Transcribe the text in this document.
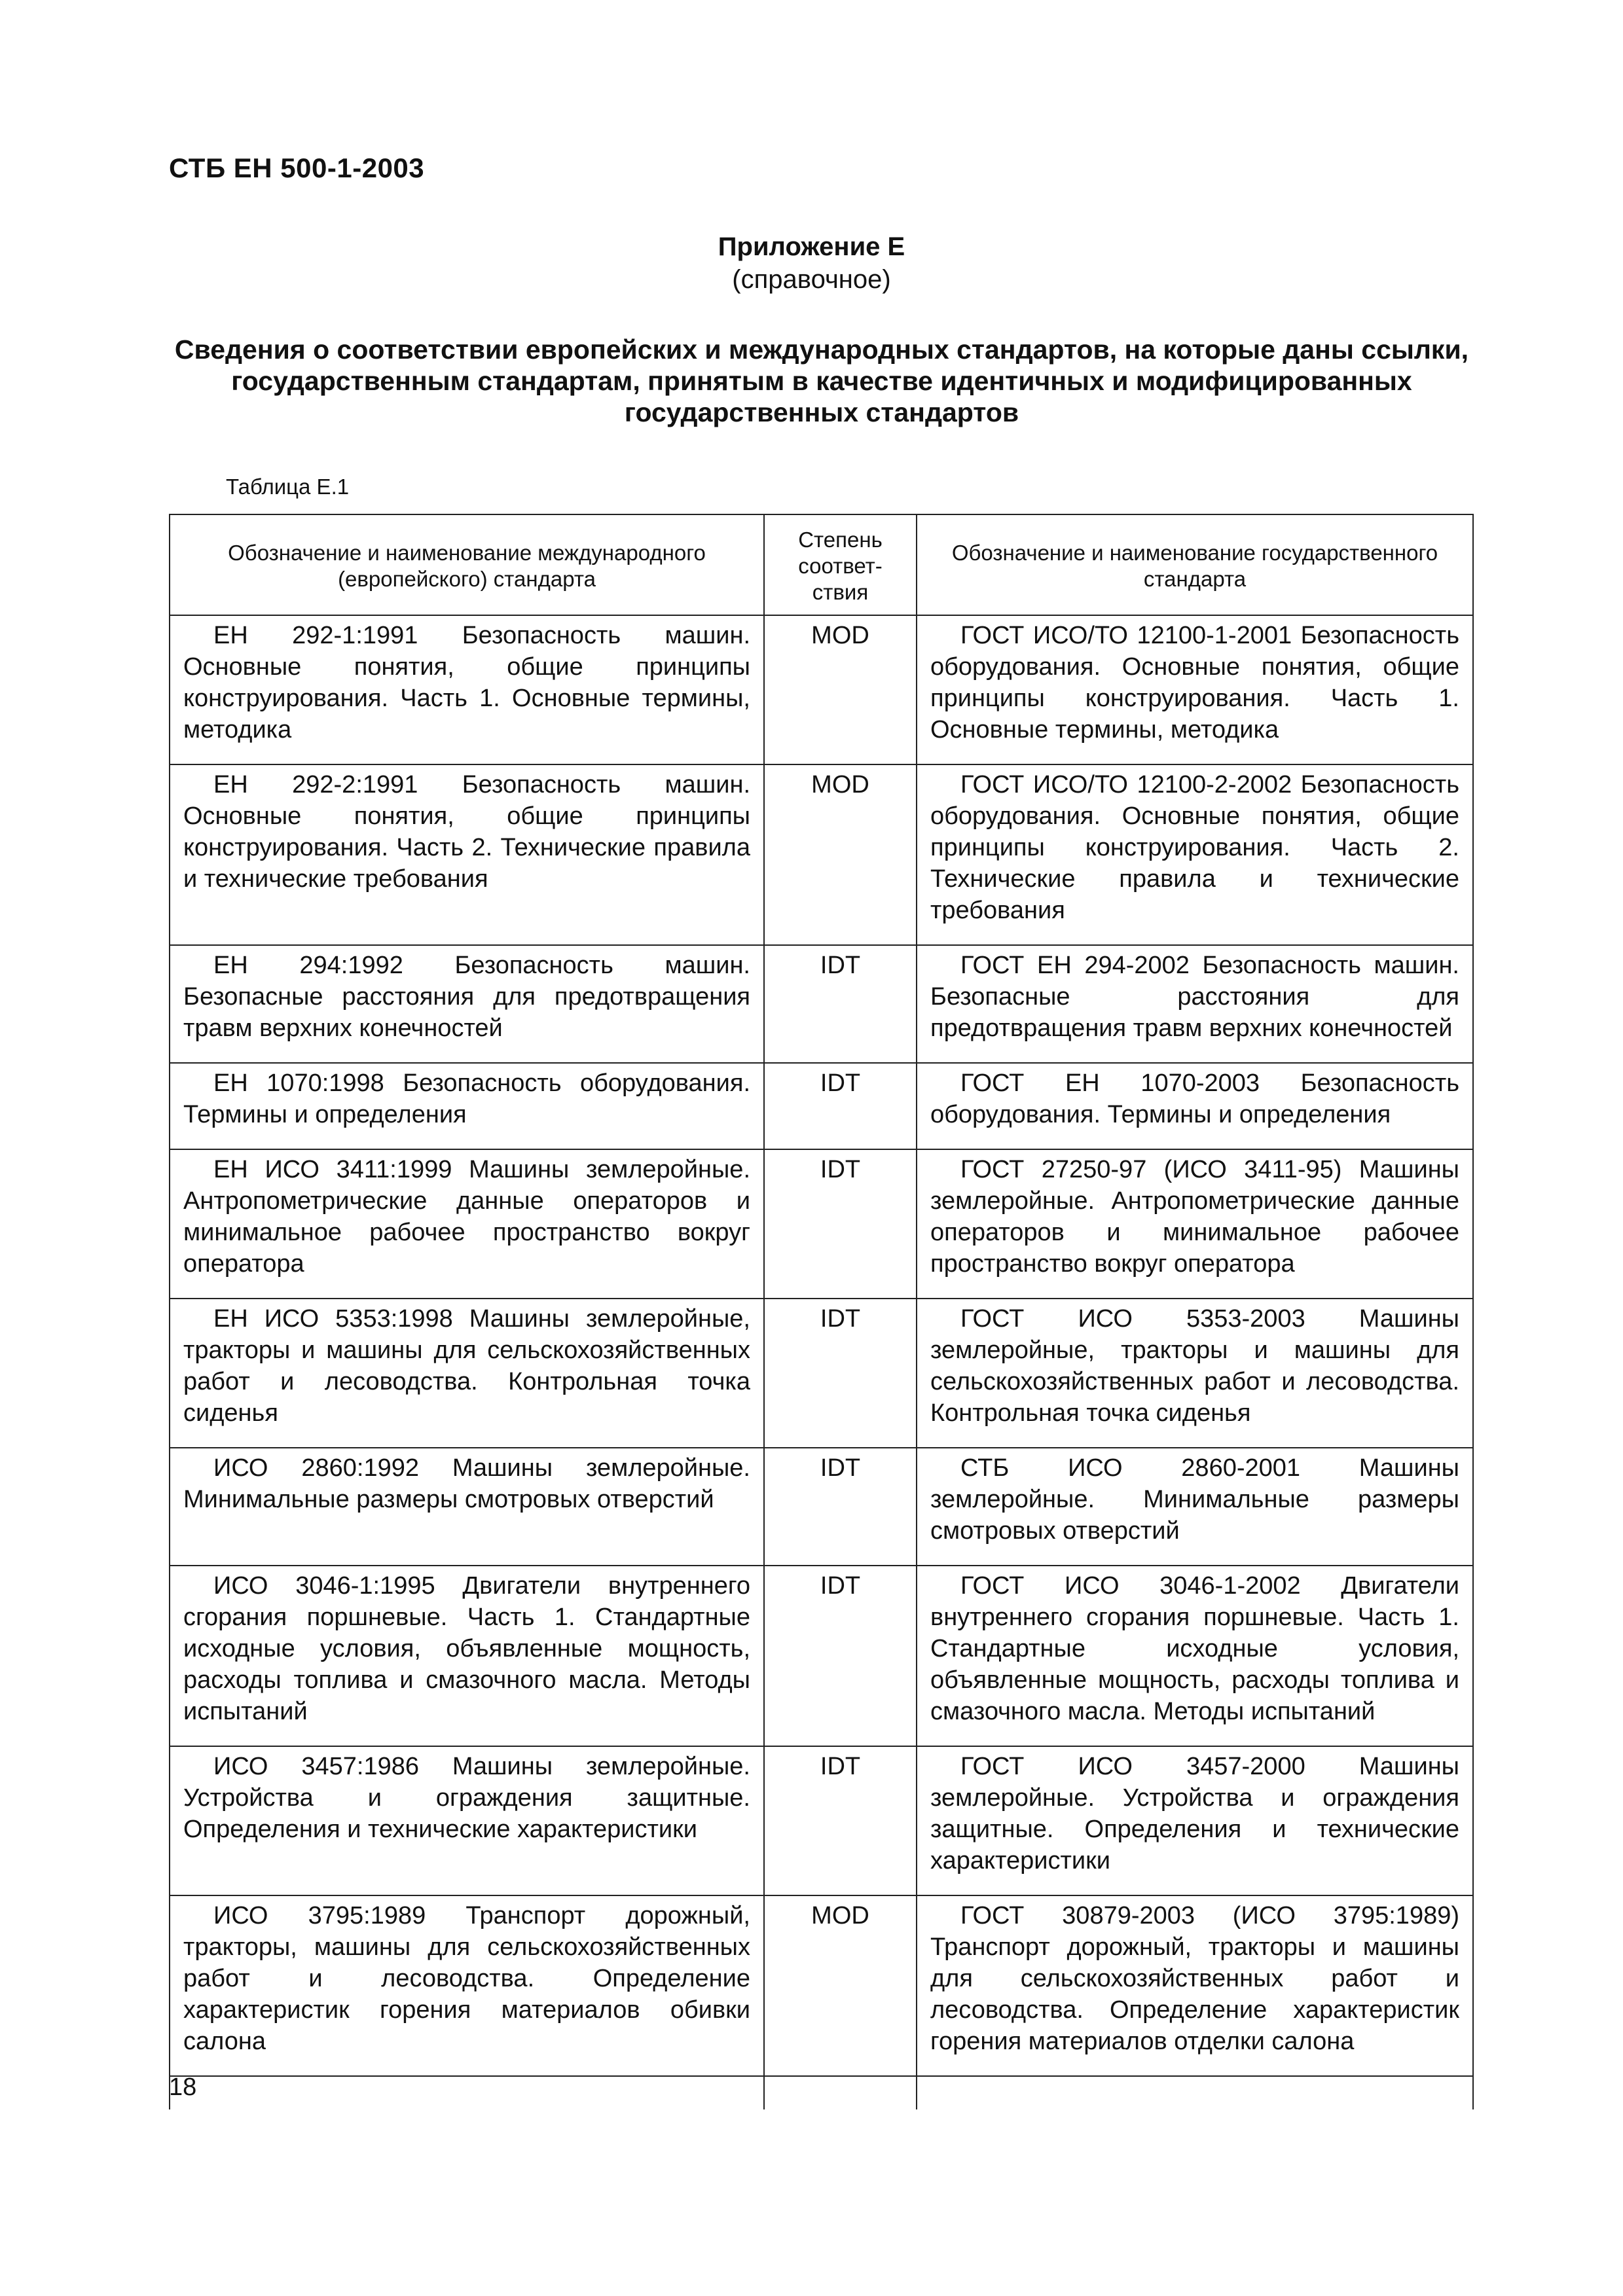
СТБ ЕН 500-1-2003
Приложение Е
(справочное)
Сведения о соответствии европейских и международных стандартов, на которые даны ссылки, государственным стандартам, принятым в качестве идентичных и модифицированных государственных стандартов
Таблица Е.1
Обозначение и наименование международного (европейского) стандарта	Степень соответ-ствия	Обозначение и наименование государственного стандарта
ЕН 292-1:1991 Безопасность машин. Основные понятия, общие принципы конструирования. Часть 1. Основные термины, методика	MOD	ГОСТ ИСО/ТО 12100-1-2001 Безопасность оборудования. Основные понятия, общие принципы конструирования. Часть 1. Основные термины, методика
ЕН 292-2:1991 Безопасность машин. Основные понятия, общие принципы конструирования. Часть 2. Технические правила и технические требования	MOD	ГОСТ ИСО/ТО 12100-2-2002 Безопасность оборудования. Основные понятия, общие принципы конструирования. Часть 2. Технические правила и технические требования
ЕН 294:1992 Безопасность машин. Безопасные расстояния для предотвращения травм верхних конечностей	IDT	ГОСТ ЕН 294-2002 Безопасность машин. Безопасные расстояния для предотвращения травм верхних конечностей
ЕН 1070:1998 Безопасность оборудования. Термины и определения	IDT	ГОСТ ЕН 1070-2003 Безопасность оборудования. Термины и определения
ЕН ИСО 3411:1999 Машины землеройные. Антропометрические данные операторов и минимальное рабочее пространство вокруг оператора	IDT	ГОСТ 27250-97 (ИСО 3411-95) Машины землеройные. Антропометрические данные операторов и минимальное рабочее пространство вокруг оператора
ЕН ИСО 5353:1998 Машины землеройные, тракторы и машины для сельскохозяйственных работ и лесоводства. Контрольная точка сиденья	IDT	ГОСТ ИСО 5353-2003 Машины землеройные, тракторы и машины для сельскохозяйственных работ и лесоводства. Контрольная точка сиденья
ИСО 2860:1992 Машины землеройные. Минимальные размеры смотровых отверстий	IDT	СТБ ИСО 2860-2001 Машины землеройные. Минимальные размеры смотровых отверстий
ИСО 3046-1:1995 Двигатели внутреннего сгорания поршневые. Часть 1. Стандартные исходные условия, объявленные мощность, расходы топлива и смазочного масла. Методы испытаний	IDT	ГОСТ ИСО 3046-1-2002 Двигатели внутреннего сгорания поршневые. Часть 1. Стандартные исходные условия, объявленные мощность, расходы топлива и смазочного масла. Методы испытаний
ИСО 3457:1986 Машины землеройные. Устройства и ограждения защитные. Определения и технические характеристики	IDT	ГОСТ ИСО 3457-2000 Машины землеройные. Устройства и ограждения защитные. Определения и технические характеристики
ИСО 3795:1989 Транспорт дорожный, тракторы, машины для сельскохозяйственных работ и лесоводства. Определение характеристик горения материалов обивки салона	MOD	ГОСТ 30879-2003 (ИСО 3795:1989) Транспорт дорожный, тракторы и машины для сельскохозяйственных работ и лесоводства. Определение характеристик горения материалов отделки салона

18
